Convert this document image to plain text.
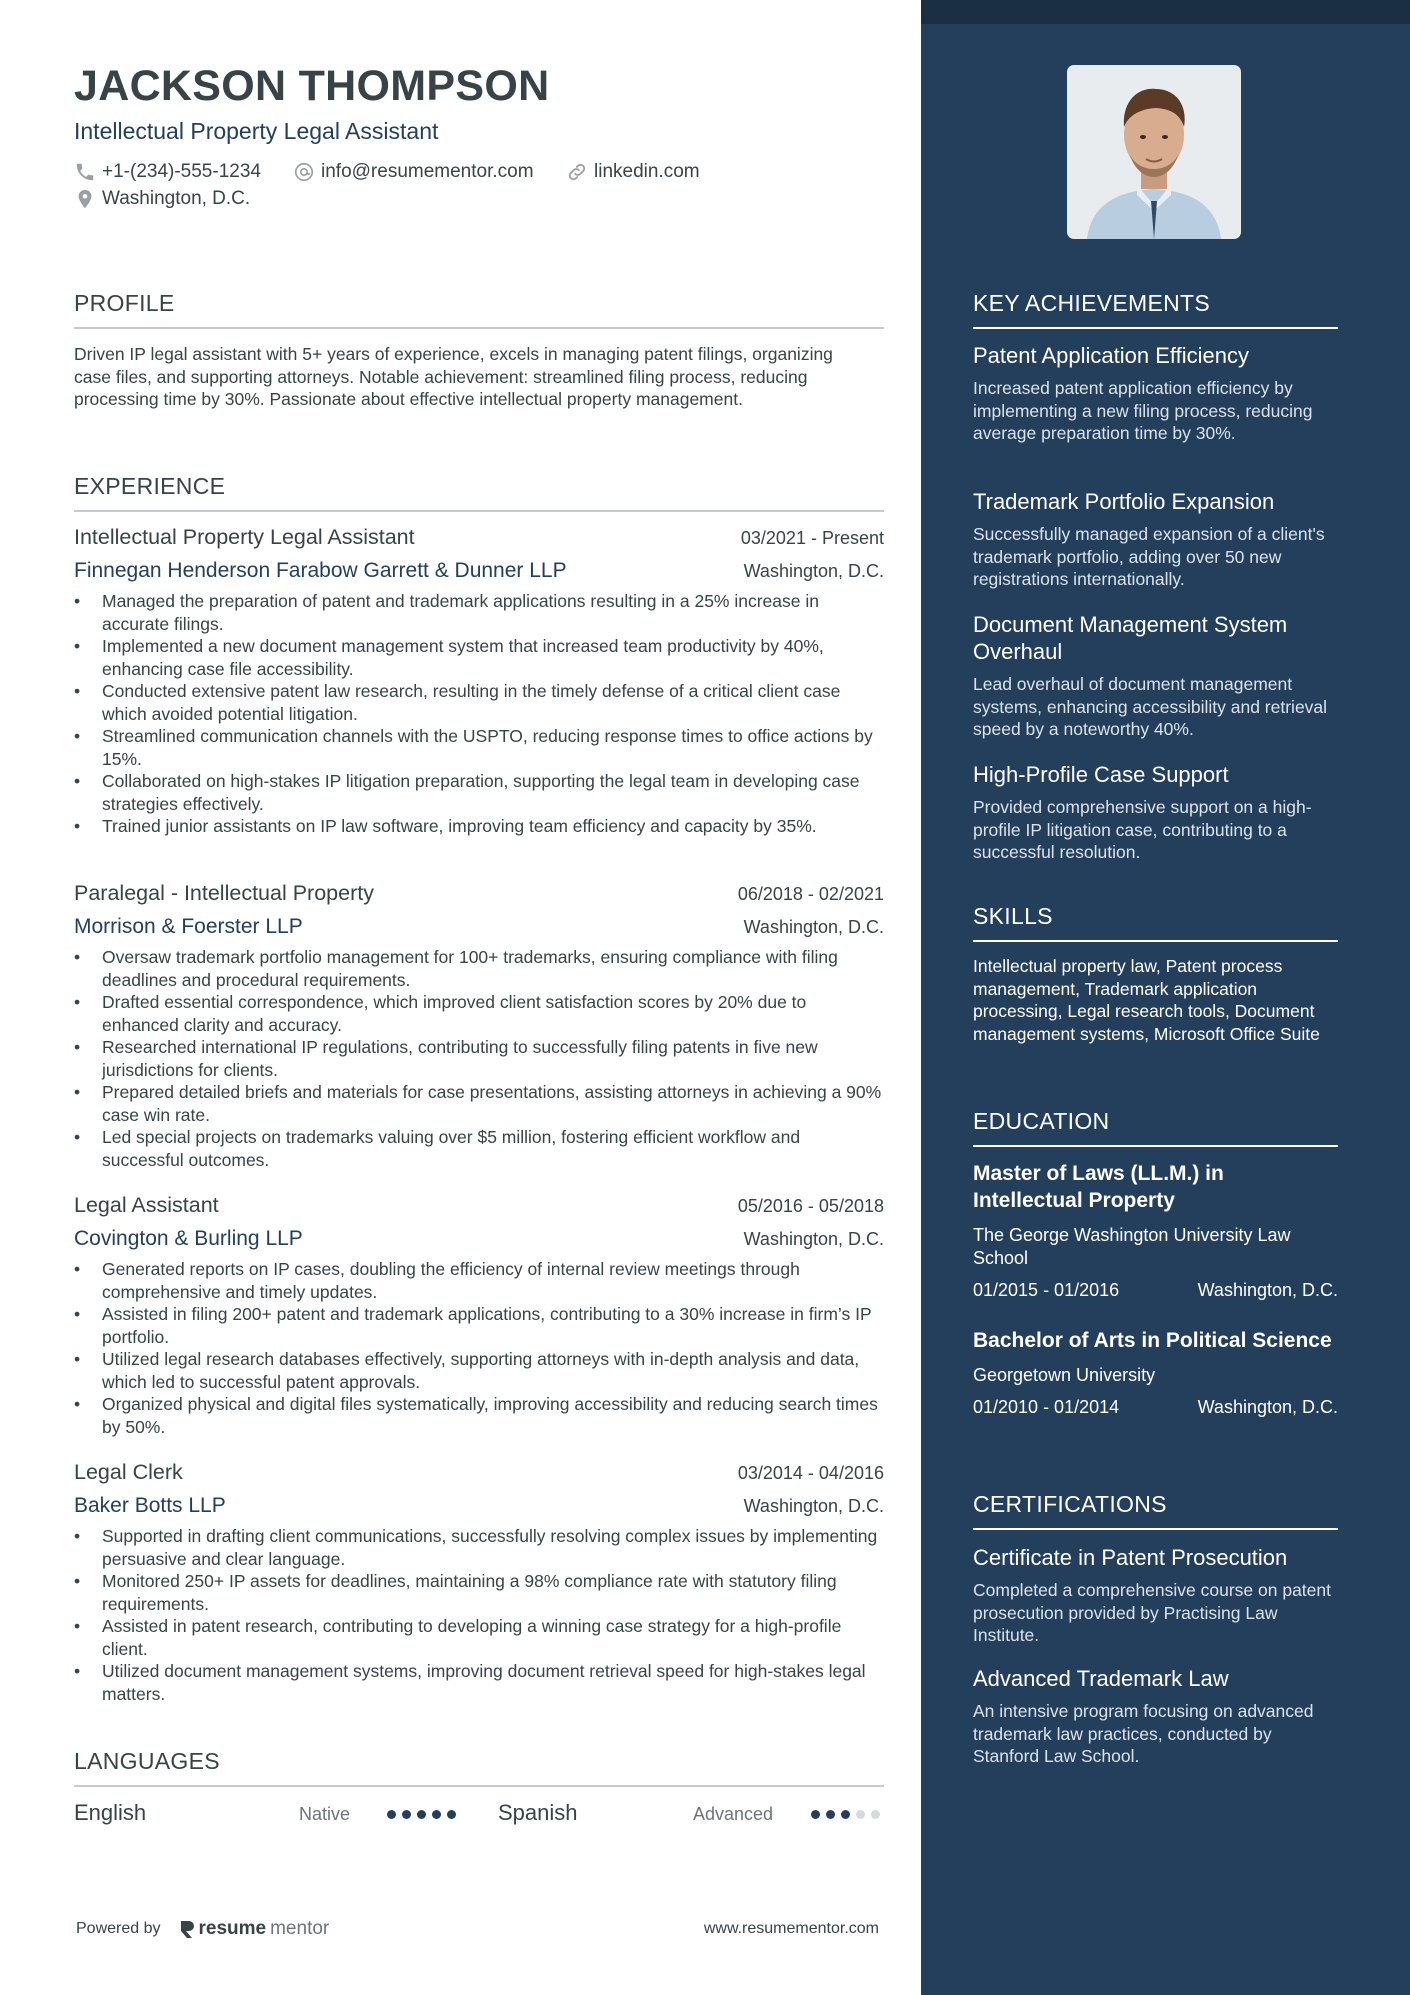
JACKSON THOMPSON
Intellectual Property Legal Assistant
+1-(234)-555-1234	info@resumementor.com	linkedin.com
Washington, D.C.
PROFILE

Driven IP legal assistant with 5+ years of experience, excels in managing patent filings, organizing case files, and supporting attorneys. Notable achievement: streamlined filing process, reducing processing time by 30%. Passionate about effective intellectual property management.

EXPERIENCE
Intellectual Property Legal Assistant	03/2021 - Present
Finnegan Henderson Farabow Garrett & Dunner LLP	Washington, D.C.
• Managed the preparation of patent and trademark applications resulting in a 25% increase in accurate filings.
• Implemented a new document management system that increased team productivity by 40%, enhancing case file accessibility.
• Conducted extensive patent law research, resulting in the timely defense of a critical client case which avoided potential litigation.
• Streamlined communication channels with the USPTO, reducing response times to office actions by 15%.
• Collaborated on high-stakes IP litigation preparation, supporting the legal team in developing case strategies effectively.
• Trained junior assistants on IP law software, improving team efficiency and capacity by 35%.
Paralegal - Intellectual Property	06/2018 - 02/2021
Morrison & Foerster LLP	Washington, D.C.
• Oversaw trademark portfolio management for 100+ trademarks, ensuring compliance with filing deadlines and procedural requirements.
• Drafted essential correspondence, which improved client satisfaction scores by 20% due to enhanced clarity and accuracy.
• Researched international IP regulations, contributing to successfully filing patents in five new jurisdictions for clients.
• Prepared detailed briefs and materials for case presentations, assisting attorneys in achieving a 90% case win rate.
• Led special projects on trademarks valuing over $5 million, fostering efficient workflow and successful outcomes.
Legal Assistant	05/2016 - 05/2018
Covington & Burling LLP	Washington, D.C.
• Generated reports on IP cases, doubling the efficiency of internal review meetings through comprehensive and timely updates.
• Assisted in filing 200+ patent and trademark applications, contributing to a 30% increase in firm’s IP portfolio.
• Utilized legal research databases effectively, supporting attorneys with in-depth analysis and data, which led to successful patent approvals.
• Organized physical and digital files systematically, improving accessibility and reducing search times by 50%.
Legal Clerk	03/2014 - 04/2016
Baker Botts LLP	Washington, D.C.
• Supported in drafting client communications, successfully resolving complex issues by implementing persuasive and clear language.
• Monitored 250+ IP assets for deadlines, maintaining a 98% compliance rate with statutory filing requirements.
• Assisted in patent research, contributing to developing a winning case strategy for a high-profile client.
• Utilized document management systems, improving document retrieval speed for high-stakes legal matters.
LANGUAGES
English	Native	Spanish	Advanced
Powered by resume mentor	www.resumementor.com
KEY ACHIEVEMENTS
Patent Application Efficiency
Increased patent application efficiency by implementing a new filing process, reducing average preparation time by 30%.
Trademark Portfolio Expansion
Successfully managed expansion of a client's trademark portfolio, adding over 50 new registrations internationally.
Document Management System Overhaul
Lead overhaul of document management systems, enhancing accessibility and retrieval speed by a noteworthy 40%.
High-Profile Case Support
Provided comprehensive support on a high-profile IP litigation case, contributing to a successful resolution.
SKILLS

Intellectual property law, Patent process management, Trademark application processing, Legal research tools, Document management systems, Microsoft Office Suite

EDUCATION
Master of Laws (LL.M.) in Intellectual Property
The George Washington University Law School
01/2015 - 01/2016	Washington, D.C.
Bachelor of Arts in Political Science
Georgetown University
01/2010 - 01/2014	Washington, D.C.
CERTIFICATIONS
Certificate in Patent Prosecution
Completed a comprehensive course on patent prosecution provided by Practising Law Institute.
Advanced Trademark Law
An intensive program focusing on advanced trademark law practices, conducted by Stanford Law School.
